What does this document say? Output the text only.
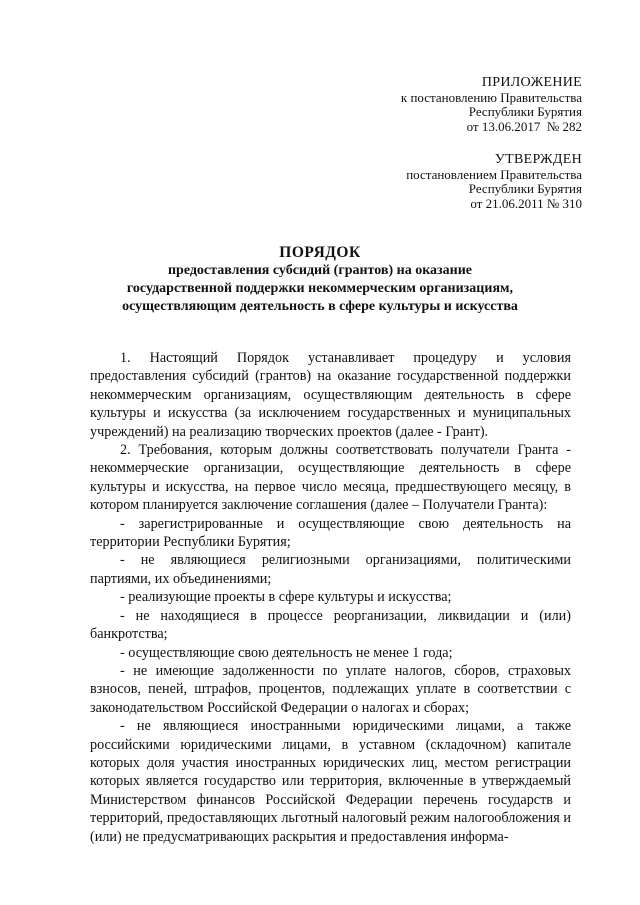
ПРИЛОЖЕНИЕ
к постановлению Правительства
Республики Бурятия
от 13.06.2017  № 282
УТВЕРЖДЕН
постановлением Правительства
Республики Бурятия
от 21.06.2011 № 310
ПОРЯДОК
предоставления субсидий (грантов) на оказание
государственной поддержки некоммерческим организациям,
осуществляющим деятельность в сфере культуры и искусства

1. Настоящий Порядок устанавливает процедуру и условия предоставления субсидий (грантов) на оказание государственной поддержки некоммерческим организациям, осуществляющим деятельность в сфере культуры и искусства (за исключением государственных и муниципальных учреждений) на реализацию творческих проектов (далее - Грант).

2. Требования, которым должны соответствовать получатели Гранта - некоммерческие организации, осуществляющие деятельность в сфере культуры и искусства, на первое число месяца, предшествующего месяцу, в котором планируется заключение соглашения (далее – Получатели Гранта):

- зарегистрированные и осуществляющие свою деятельность на территории Республики Бурятия;

- не являющиеся религиозными организациями, политическими партиями, их объединениями;

- реализующие проекты в сфере культуры и искусства;

- не находящиеся в процессе реорганизации, ликвидации и (или) банкротства;

- осуществляющие свою деятельность не менее 1 года;

- не имеющие задолженности по уплате налогов, сборов, страховых взносов, пеней, штрафов, процентов, подлежащих уплате в соответствии с законодательством Российской Федерации о налогах и сборах;

- не являющиеся иностранными юридическими лицами, а также российскими юридическими лицами, в уставном (складочном) капитале которых доля участия иностранных юридических лиц, местом регистрации которых является государство или территория, включенные в утверждаемый Министерством финансов Российской Федерации перечень государств и территорий, предоставляющих льготный налоговый режим налогообложения и (или) не предусматривающих раскрытия и предоставления информа-
